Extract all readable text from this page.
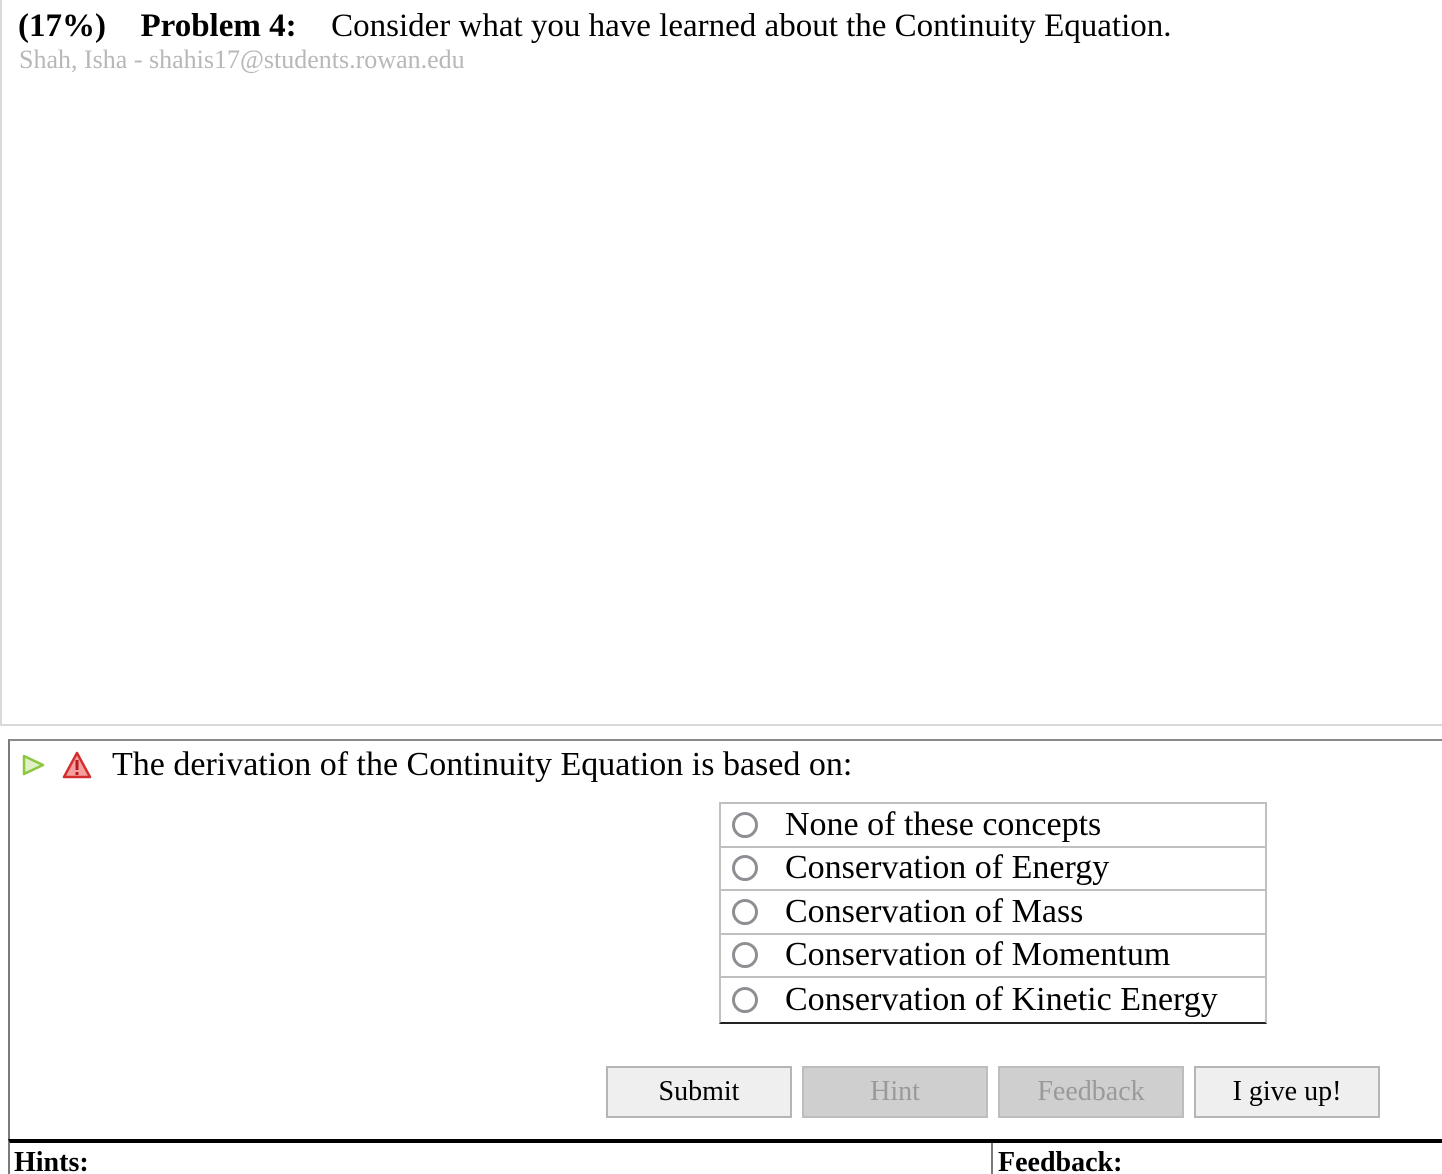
(17%) Problem 4: Consider what you have learned about the Continuity Equation.
Shah, Isha - shahis17@students.rowan.edu
The derivation of the Continuity Equation is based on:
None of these concepts
Conservation of Energy
Conservation of Mass
Conservation of Momentum
Conservation of Kinetic Energy
Submit	Hint	Feedback	I give up!
Hints:	Feedback:
